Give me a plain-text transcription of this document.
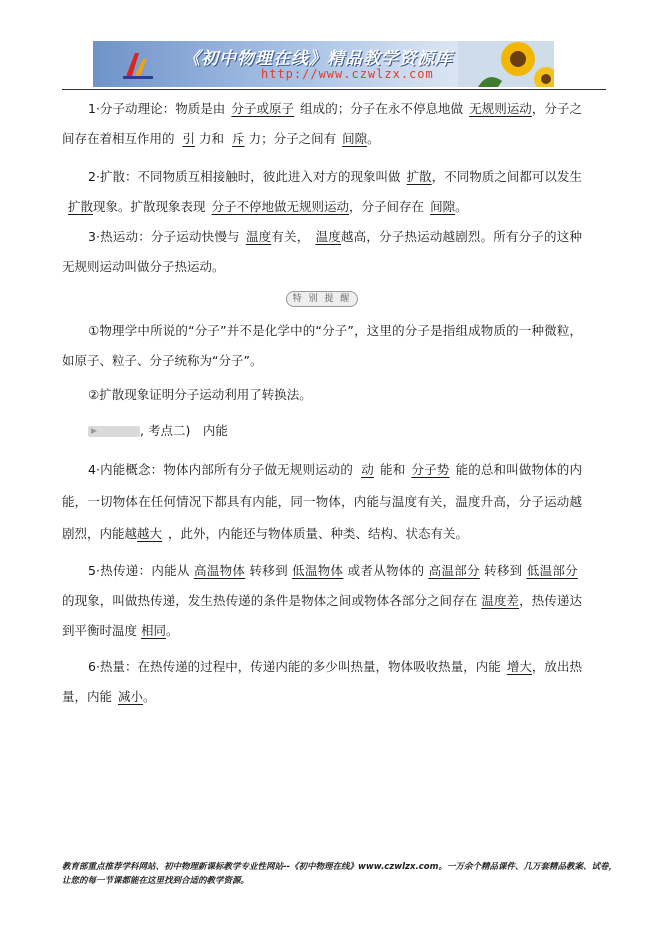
《初中物理在线》精品教学资源库
http://www.czwlzx.com

1·分子动理论：物质是由 分子或原子 组成的；分子在永不停息地做 无规则运动，分子之间存在着相互作用的 引 力和 斥 力；分子之间有 间隙。

2·扩散：不同物质互相接触时，彼此进入对方的现象叫做 扩散，不同物质之间都可以发生扩散现象。扩散现象表现 分子不停地做无规则运动，分子间存在 间隙。

3·热运动：分子运动快慢与 温度有关， 温度越高，分子热运动越剧烈。所有分子的这种无规则运动叫做分子热运动。

特 别 提 醒

①物理学中所说的“分子”并不是化学中的“分子”，这里的分子是指组成物质的一种微粒，如原子、粒子、分子统称为“分子”。

②扩散现象证明分子运动利用了转换法。

, 考点二)　内能

4·内能概念：物体内部所有分子做无规则运动的 动 能和 分子势 能的总和叫做物体的内能，一切物体在任何情况下都具有内能，同一物体，内能与温度有关，温度升高，分子运动越剧烈，内能越越大 ，此外，内能还与物体质量、种类、结构、状态有关。

5·热传递：内能从 高温物体 转移到 低温物体 或者从物体的 高温部分 转移到 低温部分的现象，叫做热传递，发生热传递的条件是物体之间或物体各部分之间存在 温度差，热传递达到平衡时温度 相同。

6·热量：在热传递的过程中，传递内能的多少叫热量，物体吸收热量，内能 增大，放出热量，内能 减小。

教育部重点推荐学科网站、初中物理新课标教学专业性网站--《初中物理在线》www.czwlzx.com。一万余个精品课件、几万套精品教案、试卷，让您的每一节课都能在这里找到合适的教学资源。
